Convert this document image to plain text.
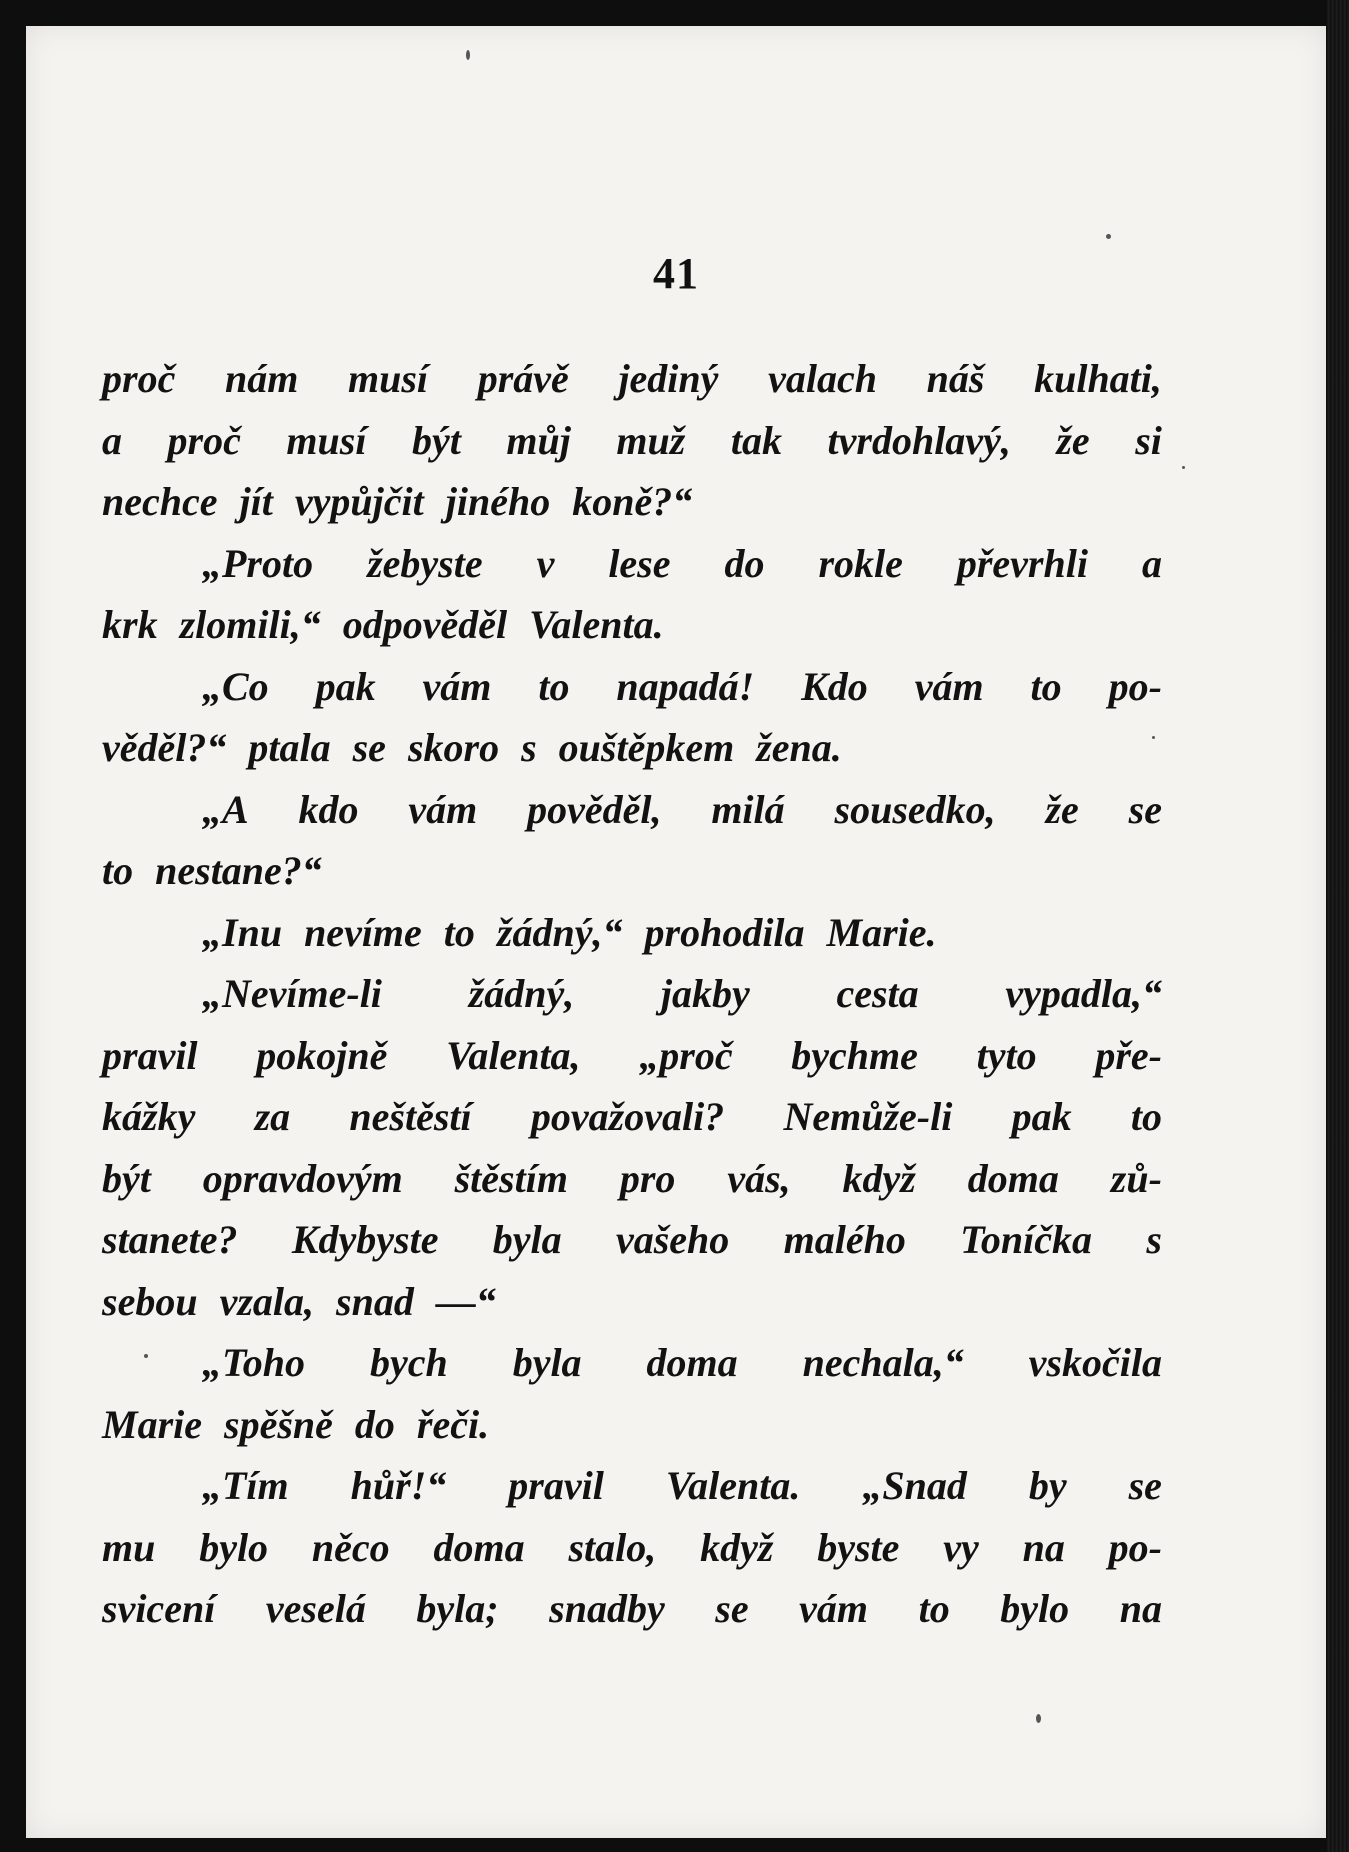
41
proč nám musí právě jediný valach náš kulhati,
a proč musí být můj muž tak tvrdohlavý, že si
nechce jít vypůjčit jiného koně?“
„Proto žebyste v lese do rokle převrhli a
krk zlomili,“ odpověděl Valenta.
„Co pak vám to napadá! Kdo vám to po-
věděl?“ ptala se skoro s ouštěpkem žena.
„A kdo vám pověděl, milá sousedko, že se
to nestane?“
„Inu nevíme to žádný,“ prohodila Marie.
„Nevíme-li žádný, jakby cesta vypadla,“
pravil pokojně Valenta, „proč bychme tyto pře-
kážky za neštěstí považovali? Nemůže-li pak to
být opravdovým štěstím pro vás, když doma zů-
stanete? Kdybyste byla vašeho malého Toníčka s
sebou vzala, snad —“
„Toho bych byla doma nechala,“ vskočila
Marie spěšně do řeči.
„Tím hůř!“ pravil Valenta. „Snad by se
mu bylo něco doma stalo, když byste vy na po-
svicení veselá byla; snadby se vám to bylo na
